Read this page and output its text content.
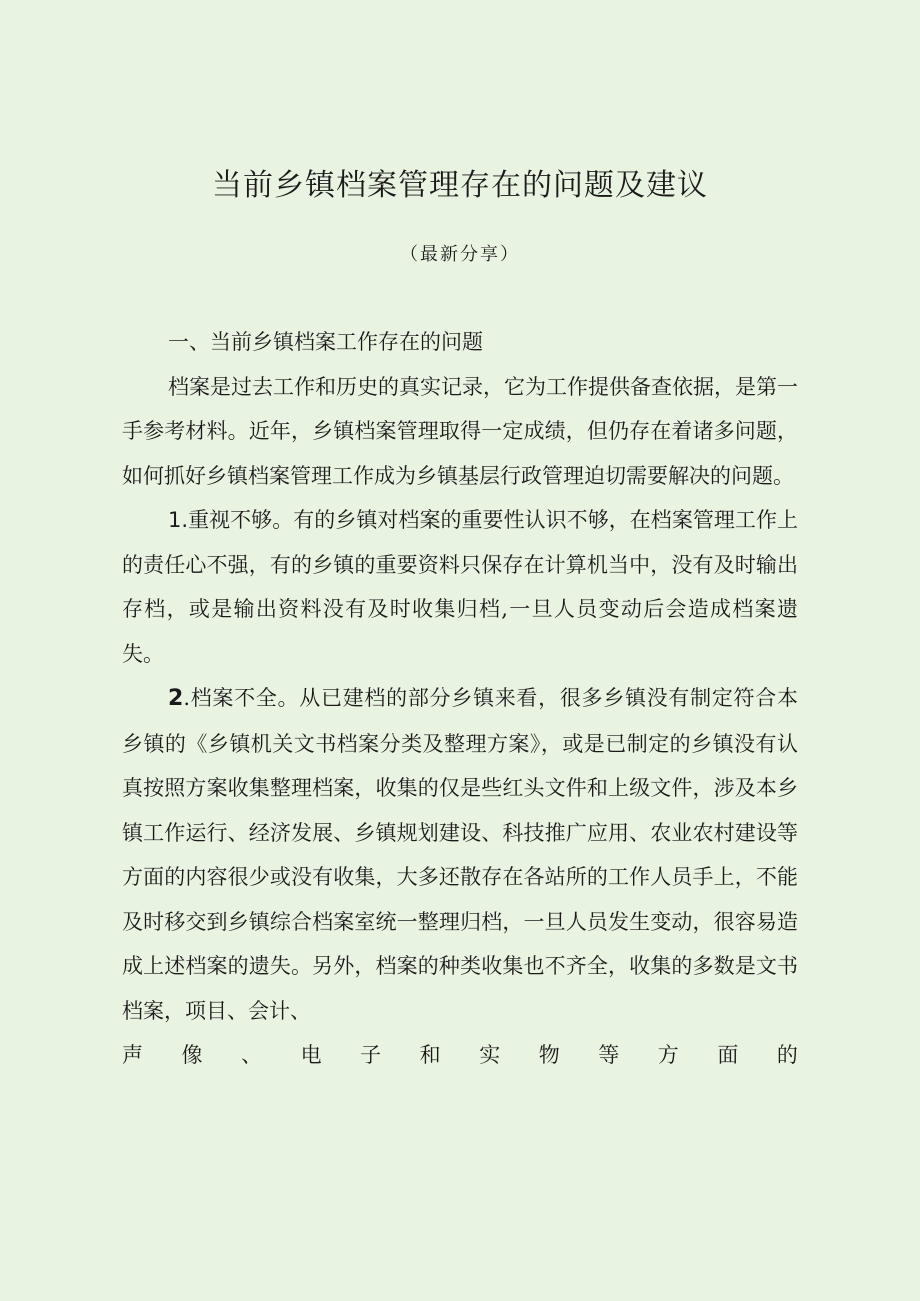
当前乡镇档案管理存在的问题及建议

（最新分享）

一、当前乡镇档案工作存在的问题

档案是过去工作和历史的真实记录，它为工作提供备查依据，是第一手参考材料。近年，乡镇档案管理取得一定成绩，但仍存在着诸多问题，如何抓好乡镇档案管理工作成为乡镇基层行政管理迫切需要解决的问题。

1.重视不够。有的乡镇对档案的重要性认识不够，在档案管理工作上的责任心不强，有的乡镇的重要资料只保存在计算机当中，没有及时输出存档，或是输出资料没有及时收集归档,一旦人员变动后会造成档案遗失。

2.档案不全。从已建档的部分乡镇来看，很多乡镇没有制定符合本乡镇的《乡镇机关文书档案分类及整理方案》，或是已制定的乡镇没有认真按照方案收集整理档案，收集的仅是些红头文件和上级文件，涉及本乡镇工作运行、经济发展、乡镇规划建设、科技推广应用、农业农村建设等方面的内容很少或没有收集，大多还散存在各站所的工作人员手上，不能及时移交到乡镇综合档案室统一整理归档，一旦人员发生变动，很容易造成上述档案的遗失。另外，档案的种类收集也不齐全，收集的多数是文书档案，项目、会计、

声 像 、 电 子 和 实 物 等 方 面 的
